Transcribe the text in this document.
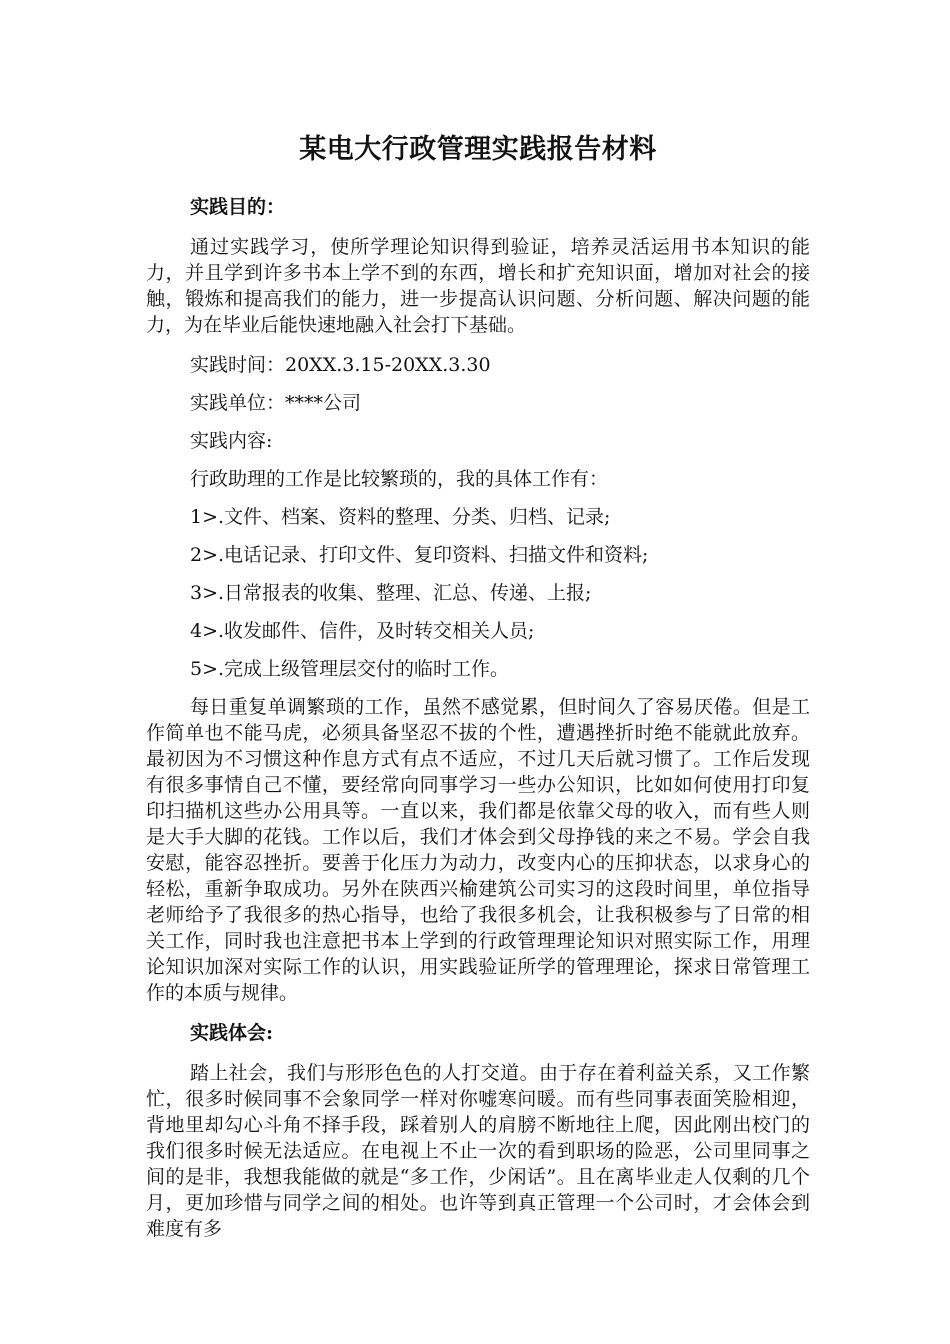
某电大行政管理实践报告材料
实践目的：

通过实践学习，使所学理论知识得到验证，培养灵活运用书本知识的能力，并且学到许多书本上学不到的东西，增长和扩充知识面，增加对社会的接触，锻炼和提高我们的能力，进一步提高认识问题、分析问题、解决问题的能力，为在毕业后能快速地融入社会打下基础。

实践时间：20XX.3.15-20XX.3.30
实践单位：****公司
实践内容:
行政助理的工作是比较繁琐的，我的具体工作有：
1>.文件、档案、资料的整理、分类、归档、记录;
2>.电话记录、打印文件、复印资料、扫描文件和资料;
3>.日常报表的收集、整理、汇总、传递、上报;
4>.收发邮件、信件，及时转交相关人员;
5>.完成上级管理层交付的临时工作。

每日重复单调繁琐的工作，虽然不感觉累，但时间久了容易厌倦。但是工作简单也不能马虎，必须具备坚忍不拔的个性，遭遇挫折时绝不能就此放弃。最初因为不习惯这种作息方式有点不适应，不过几天后就习惯了。工作后发现有很多事情自己不懂，要经常向同事学习一些办公知识，比如如何使用打印复印扫描机这些办公用具等。一直以来，我们都是依靠父母的收入，而有些人则是大手大脚的花钱。工作以后，我们才体会到父母挣钱的来之不易。学会自我安慰，能容忍挫折。要善于化压力为动力，改变内心的压抑状态，以求身心的轻松，重新争取成功。另外在陕西兴榆建筑公司实习的这段时间里，单位指导老师给予了我很多的热心指导，也给了我很多机会，让我积极参与了日常的相关工作，同时我也注意把书本上学到的行政管理理论知识对照实际工作，用理论知识加深对实际工作的认识，用实践验证所学的管理理论，探求日常管理工作的本质与规律。

实践体会:

踏上社会，我们与形形色色的人打交道。由于存在着利益关系，又工作繁忙，很多时候同事不会象同学一样对你嘘寒问暖。而有些同事表面笑脸相迎，背地里却勾心斗角不择手段，踩着别人的肩膀不断地往上爬，因此刚出校门的我们很多时候无法适应。在电视上不止一次的看到职场的险恶，公司里同事之间的是非，我想我能做的就是“多工作，少闲话”。且在离毕业走人仅剩的几个月，更加珍惜与同学之间的相处。也许等到真正管理一个公司时，才会体会到难度有多
